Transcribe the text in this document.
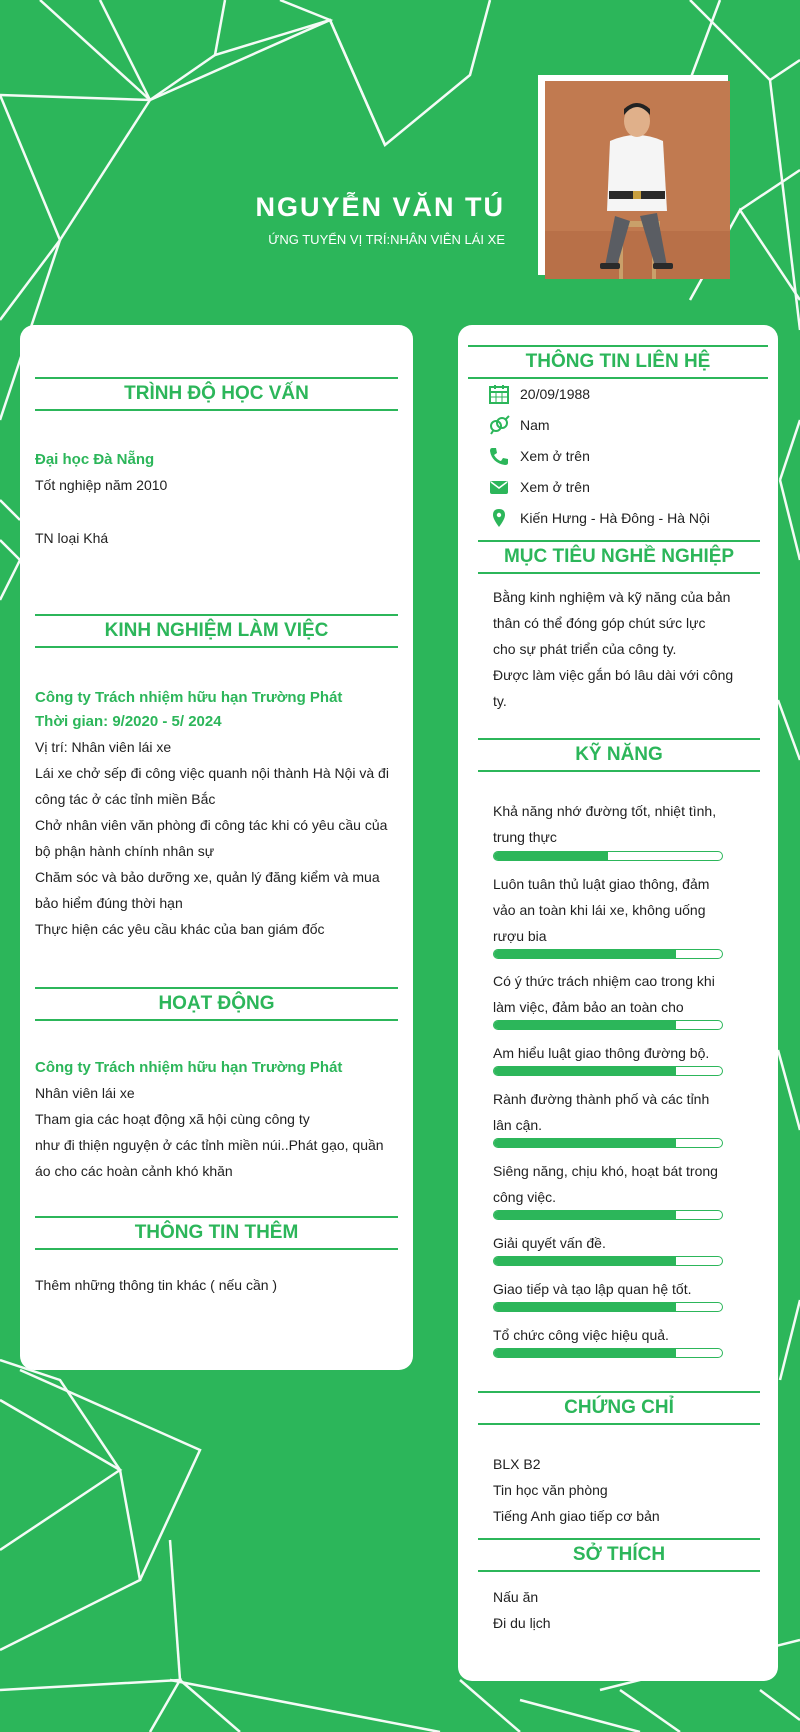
NGUYỄN VĂN TÚ
ỨNG TUYỂN VỊ TRÍ:NHÂN VIÊN LÁI XE
TRÌNH ĐỘ HỌC VẤN
Đại học Đà Nẵng
Tốt nghiệp năm 2010
TN loại Khá
KINH NGHIỆM LÀM VIỆC
Công ty Trách nhiệm hữu hạn Trường Phát
Thời gian: 9/2020 - 5/ 2024
Vị trí: Nhân viên lái xe
Lái xe chở sếp đi công việc quanh nội thành Hà Nội và đi
công tác ở các tỉnh miền Bắc
Chở nhân viên văn phòng đi công tác khi có yêu cầu của
bộ phận hành chính nhân sự
Chăm sóc và bảo dưỡng xe, quản lý đăng kiểm và mua
bảo hiểm đúng thời hạn
Thực hiện các yêu cầu khác của ban giám đốc
HOẠT ĐỘNG
Công ty Trách nhiệm hữu hạn Trường Phát
Nhân viên lái xe
Tham gia các hoạt động xã hội cùng công ty
như đi thiện nguyện ở các tỉnh miền núi..Phát gạo, quần
áo cho các hoàn cảnh khó khăn
THÔNG TIN THÊM
Thêm những thông tin khác ( nếu cần )
THÔNG TIN LIÊN HỆ
20/09/1988
Nam
Xem ở trên
Xem ở trên
Kiến Hưng - Hà Đông - Hà Nội
MỤC TIÊU NGHỀ NGHIỆP
Bằng kinh nghiệm và kỹ năng của bản
thân có thể đóng góp chút sức lực
cho sự phát triển của công ty.
Được làm việc gắn bó lâu dài với công
ty.
KỸ NĂNG
Khả năng nhớ đường tốt, nhiệt tình,
trung thực
Luôn tuân thủ luật giao thông, đảm
vảo an toàn khi lái xe, không uống
rượu bia
Có ý thức trách nhiệm cao trong khi
làm việc, đảm bảo an toàn cho
Am hiểu luật giao thông đường bộ.
Rành đường thành phố và các tỉnh
lân cận.
Siêng năng, chịu khó, hoạt bát trong
công việc.
Giải quyết vấn đề.
Giao tiếp và tạo lập quan hệ tốt.
Tổ chức công việc hiệu quả.
CHỨNG CHỈ
BLX B2
Tin học văn phòng
Tiếng Anh giao tiếp cơ bản
SỞ THÍCH
Nấu ăn
Đi du lịch
